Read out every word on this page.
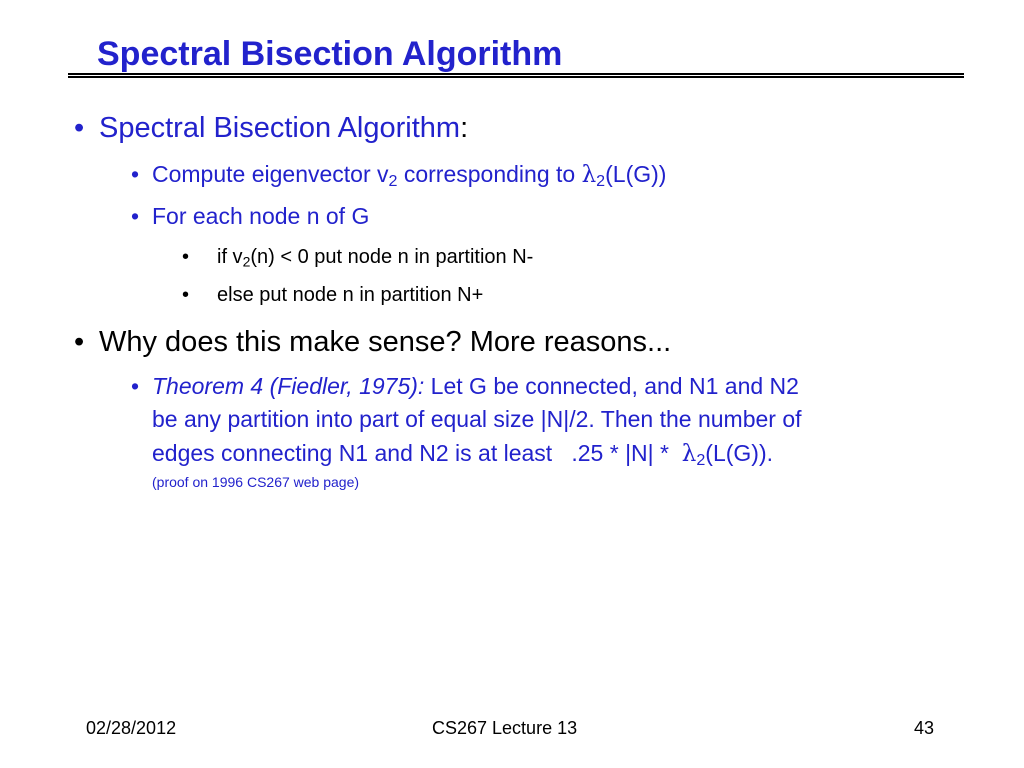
Spectral Bisection Algorithm
• Spectral Bisection Algorithm:
• Compute eigenvector $v_2$ corresponding to $\lambda_2(L(G))$
• For each node n of G
• if $v_2(n) < 0$ put node n in partition N-
• else put node n in partition N+
• Why does this make sense? More reasons...
• Theorem 4 (Fiedler, 1975): Let G be connected, and N1 and N2
be any partition into part of equal size |N|/2. Then the number of
edges connecting N1 and N2 is at least   $.25 * |N| * \lambda_2(L(G))$.
(proof on 1996 CS267 web page)
02/28/2012	CS267 Lecture 13	43
